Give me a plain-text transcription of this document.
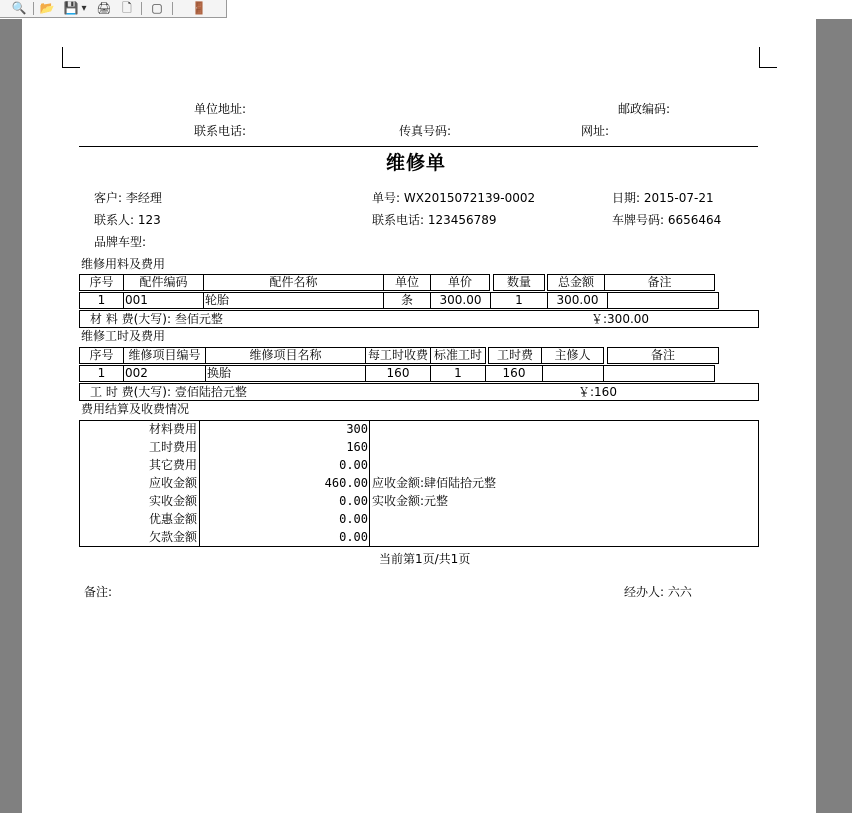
🔍 📂 💾 ▾ 🖨 🗋	▢ 🚪
单位地址:	邮政编码:
联系电话:	传真号码:	网址:
维修单
客户: 李经理	单号: WX2015072139-0002	日期: 2015-07-21
联系人: 123	联系电话: 123456789	车牌号码: 6656464
品牌车型:
维修用料及费用
序号	配件编码	配件名称	单位	单价	数量	总金额	备注
1	001	轮胎	条	300.00	1	300.00
材 料 费(大写): 叁佰元整	￥:300.00
维修工时及费用
序号	维修项目编号	维修项目名称	每工时收费 标准工时	工时费	主修人	备注
1	002	换胎	160	1	160
工 时 费(大写): 壹佰陆拾元整	￥:160
费用结算及收费情况
材料费用	300
工时费用	160
其它费用	0.00
应收金额	460.00 应收金额:肆佰陆拾元整
实收金额	0.00 实收金额:元整
优惠金额	0.00
欠款金额	0.00
当前第1页/共1页
备注:	经办人: 六六
